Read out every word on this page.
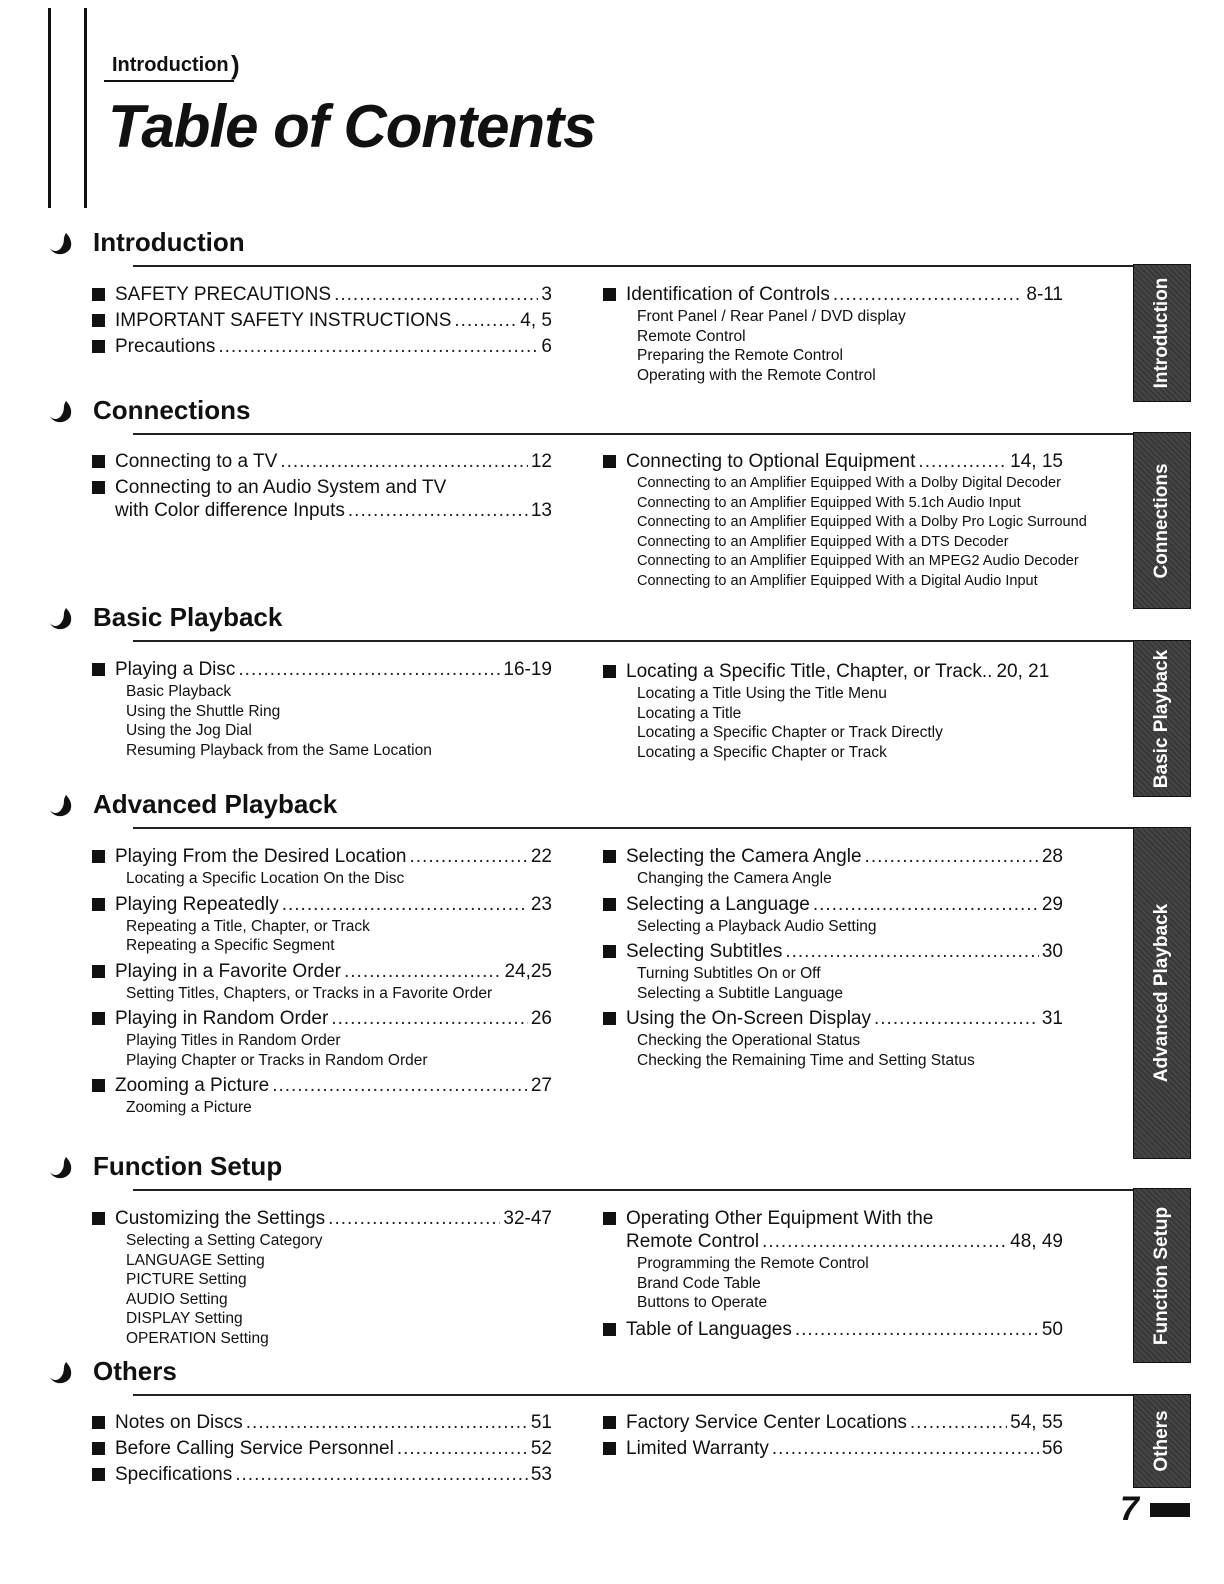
Introduction )
Table of Contents
Introduction
Introduction
SAFETY PRECAUTIONS .....	3
IMPORTANT SAFETY INSTRUCTIONS .....	4, 5
Precautions .....	6
Identification of Controls .....	8-11
Front Panel / Rear Panel / DVD display
Remote Control
Preparing the Remote Control
Operating with the Remote Control
Connections
Connections
Connecting to a TV .....	12
Connecting to an Audio System and TV
with Color difference Inputs .....	13
Connecting to Optional Equipment .....	14, 15
Connecting to an Amplifier Equipped With a Dolby Digital Decoder
Connecting to an Amplifier Equipped With 5.1ch Audio Input
Connecting to an Amplifier Equipped With a Dolby Pro Logic Surround
Connecting to an Amplifier Equipped With a DTS Decoder
Connecting to an Amplifier Equipped With an MPEG2 Audio Decoder
Connecting to an Amplifier Equipped With a Digital Audio Input
Basic Playback
Basic Playback
Playing a Disc .....	16-19
Basic Playback
Using the Shuttle Ring
Using the Jog Dial
Resuming Playback from the Same Location
Locating a Specific Title, Chapter, or Track.. 20, 21
Locating a Title Using the Title Menu
Locating a Title
Locating a Specific Chapter or Track Directly
Locating a Specific Chapter or Track
Advanced Playback
Advanced Playback
Playing From the Desired Location .....	22
Locating a Specific Location On the Disc
Playing Repeatedly .....	23
Repeating a Title, Chapter, or Track
Repeating a Specific Segment
Playing in a Favorite Order .....	24,25
Setting Titles, Chapters, or Tracks in a Favorite Order
Playing in Random Order .....	26
Playing Titles in Random Order
Playing Chapter or Tracks in Random Order
Zooming a Picture .....	27
Zooming a Picture
Selecting the Camera Angle .....	28
Changing the Camera Angle
Selecting a Language .....	29
Selecting a Playback Audio Setting
Selecting Subtitles .....	30
Turning Subtitles On or Off
Selecting a Subtitle Language
Using the On-Screen Display .....	31
Checking the Operational Status
Checking the Remaining Time and Setting Status
Function Setup
Function Setup
Customizing the Settings .....	32-47
Selecting a Setting Category
LANGUAGE Setting
PICTURE Setting
AUDIO Setting
DISPLAY Setting
OPERATION Setting
Operating Other Equipment With the
Remote Control .....	48, 49
Programming the Remote Control
Brand Code Table
Buttons to Operate
Table of Languages .....	50
Others
Others
Notes on Discs .....	51
Before Calling Service Personnel .....	52
Specifications .....	53
Factory Service Center Locations .....	54, 55
Limited Warranty .....	56
7
